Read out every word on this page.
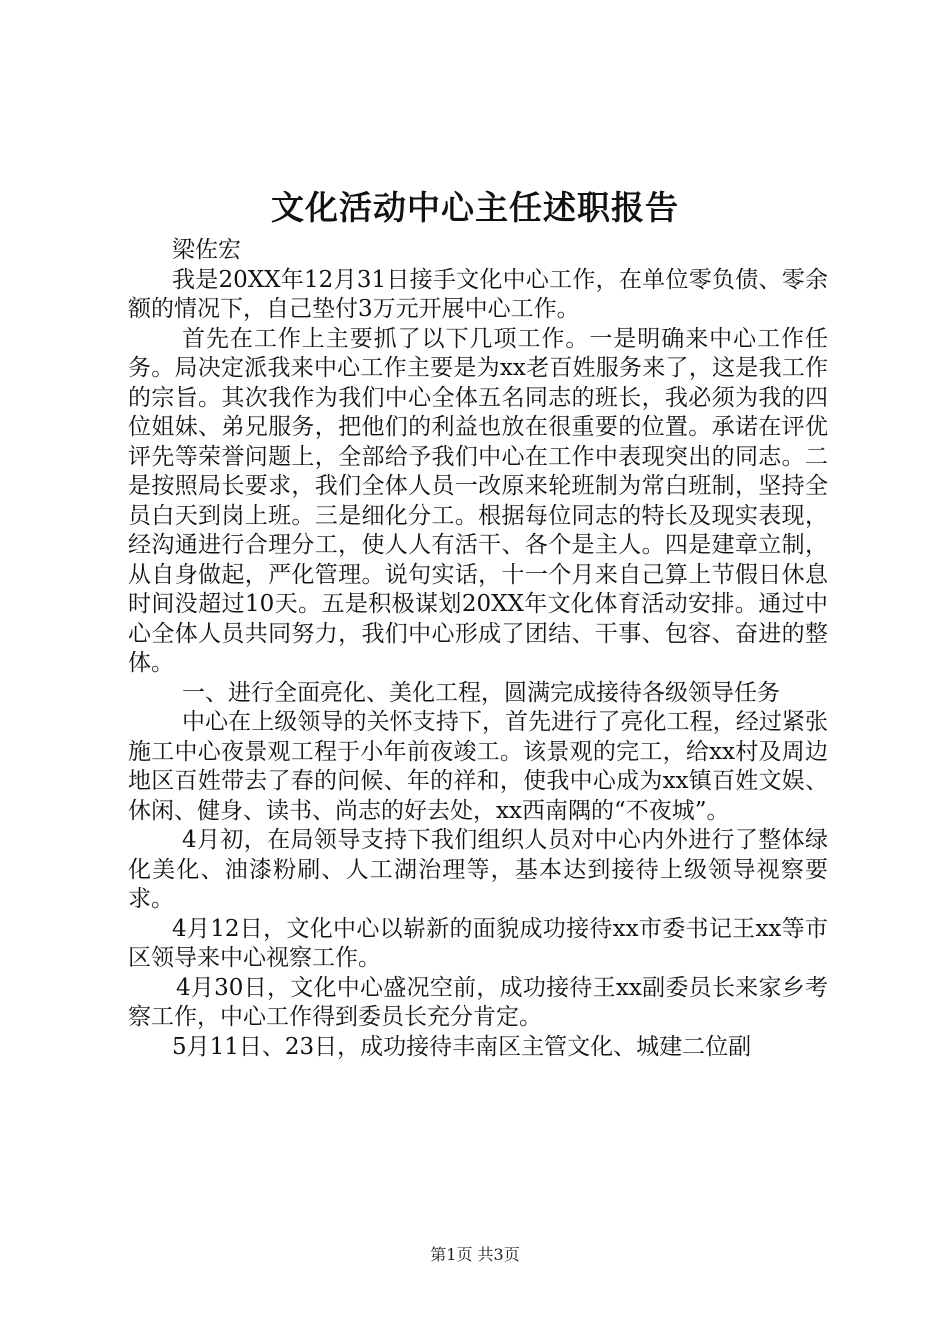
文化活动中心主任述职报告

梁佐宏

我是20XX年12月31日接手文化中心工作，在单位零负债、零余额的情况下，自己垫付3万元开展中心工作。

首先在工作上主要抓了以下几项工作。一是明确来中心工作任务。局决定派我来中心工作主要是为xx老百姓服务来了，这是我工作的宗旨。其次我作为我们中心全体五名同志的班长，我必须为我的四位姐妹、弟兄服务，把他们的利益也放在很重要的位置。承诺在评优评先等荣誉问题上，全部给予我们中心在工作中表现突出的同志。二是按照局长要求，我们全体人员一改原来轮班制为常白班制，坚持全员白天到岗上班。三是细化分工。根据每位同志的特长及现实表现，经沟通进行合理分工，使人人有活干、各个是主人。四是建章立制，从自身做起，严化管理。说句实话，十一个月来自己算上节假日休息时间没超过10天。五是积极谋划20XX年文化体育活动安排。通过中心全体人员共同努力，我们中心形成了团结、干事、包容、奋进的整体。

一、进行全面亮化、美化工程，圆满完成接待各级领导任务

中心在上级领导的关怀支持下，首先进行了亮化工程，经过紧张施工中心夜景观工程于小年前夜竣工。该景观的完工，给xx村及周边地区百姓带去了春的问候、年的祥和，使我中心成为xx镇百姓文娱、休闲、健身、读书、尚志的好去处，xx西南隅的“不夜城”。

4月初，在局领导支持下我们组织人员对中心内外进行了整体绿化美化、油漆粉刷、人工湖治理等，基本达到接待上级领导视察要求。

4月12日，文化中心以崭新的面貌成功接待xx市委书记王xx等市区领导来中心视察工作。

4月30日，文化中心盛况空前，成功接待王xx副委员长来家乡考察工作，中心工作得到委员长充分肯定。

5月11日、23日，成功接待丰南区主管文化、城建二位副

第1页 共3页
